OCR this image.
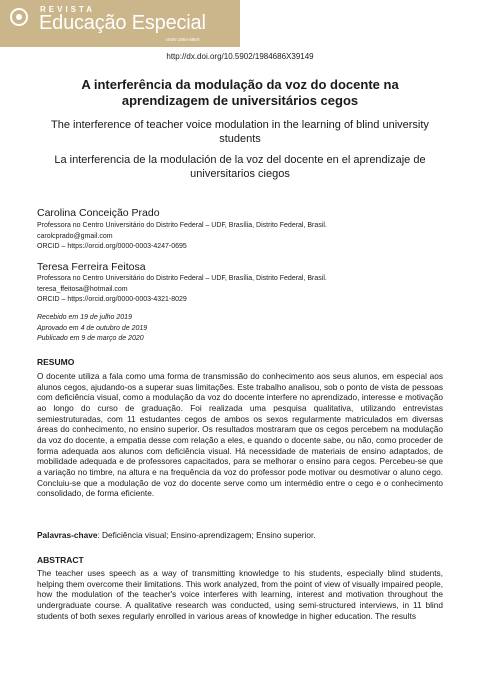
REVISTA
Educação Especial
ISSN 1984-686X
http://dx.doi.org/10.5902/1984686X39149
A interferência da modulação da voz do docente na aprendizagem de universitários cegos
The interference of teacher voice modulation in the learning of blind university students
La interferencia de la modulación de la voz del docente en el aprendizaje de universitarios ciegos
Carolina Conceição Prado
Professora no Centro Universitário do Distrito Federal – UDF, Brasília, Distrito Federal, Brasil.
carolcprado@gmail.com
ORCID – https://orcid.org/0000-0003-4247-0695
Teresa Ferreira Feitosa
Professora no Centro Universitário do Distrito Federal – UDF, Brasília, Distrito Federal, Brasil.
teresa_ffeitosa@hotmail.com
ORCID – https://orcid.org/0000-0003-4321-8029
Recebido em 19 de julho 2019
Aprovado em 4 de outubro de 2019
Publicado em 9 de março de 2020
RESUMO

O docente utiliza a fala como uma forma de transmissão do conhecimento aos seus alunos, em especial aos alunos cegos, ajudando-os a superar suas limitações. Este trabalho analisou, sob o ponto de vista de pessoas com deficiência visual, como a modulação da voz do docente interfere no aprendizado, interesse e motivação ao longo do curso de graduação. Foi realizada uma pesquisa qualitativa, utilizando entrevistas semiestruturadas, com 11 estudantes cegos de ambos os sexos regularmente matriculados em diversas áreas do conhecimento, no ensino superior. Os resultados mostraram que os cegos percebem na modulação da voz do docente, a empatia desse com relação a eles, e quando o docente sabe, ou não, como proceder de forma adequada aos alunos com deficiência visual. Há necessidade de materiais de ensino adaptados, de mobilidade adequada e de professores capacitados, para se melhorar o ensino para cegos. Percebeu-se que a variação no timbre, na altura e na frequência da voz do professor pode motivar ou desmotivar o aluno cego. Concluiu-se que a modulação de voz do docente serve como um intermédio entre o cego e o conhecimento consolidado, de forma eficiente.

Palavras-chave: Deficiência visual; Ensino-aprendizagem; Ensino superior.
ABSTRACT

The teacher uses speech as a way of transmitting knowledge to his students, especially blind students, helping them overcome their limitations. This work analyzed, from the point of view of visually impaired people, how the modulation of the teacher's voice interferes with learning, interest and motivation throughout the undergraduate course. A qualitative research was conducted, using semi-structured interviews, in 11 blind students of both sexes regularly enrolled in various areas of knowledge in higher education. The results
